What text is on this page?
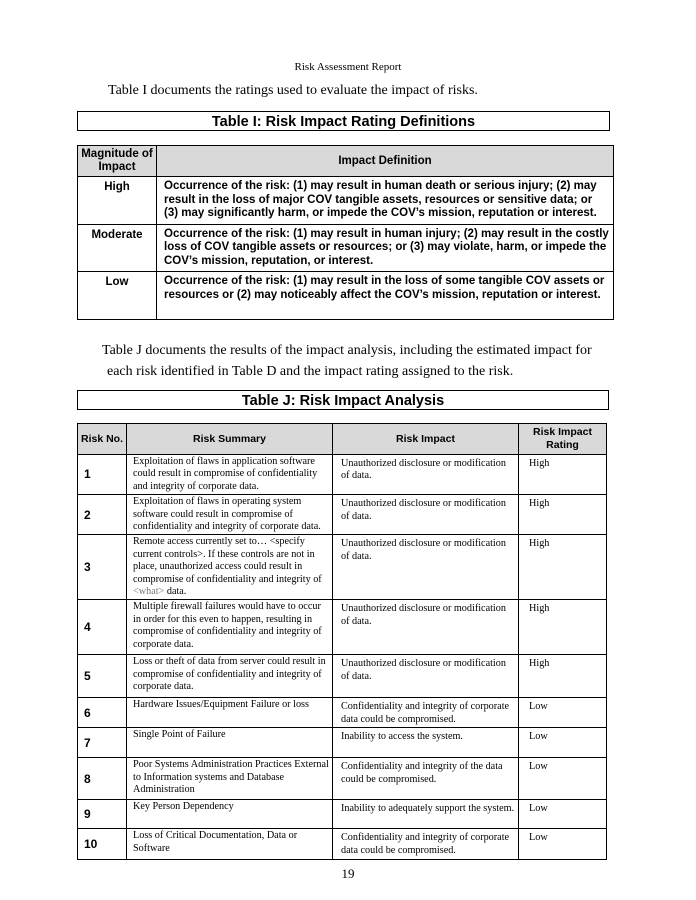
Risk Assessment Report
Table I documents the ratings used to evaluate the impact of risks.
Table I: Risk Impact Rating Definitions
Magnitude of Impact	Impact Definition
High	Occurrence of the risk: (1) may result in human death or serious injury; (2) may result in the loss of major COV tangible assets, resources or sensitive data; or (3) may significantly harm, or impede the COV’s mission, reputation or interest.
Moderate	Occurrence of the risk: (1) may result in human injury; (2) may result in the costly loss of COV tangible assets or resources; or (3) may violate, harm, or impede the COV’s mission, reputation, or interest.
Low	Occurrence of the risk: (1) may result in the loss of some tangible COV assets or resources or (2) may noticeably affect the COV’s mission, reputation or interest.
Table J documents the results of the impact analysis, including the estimated impact for
each risk identified in Table D and the impact rating assigned to the risk.
Table J: Risk Impact Analysis
Risk No.	Risk Summary	Risk Impact	Risk Impact Rating
1	Exploitation of flaws in application software could result in compromise of confidentiality and integrity of corporate data.	Unauthorized disclosure or modification of data.	High
2	Exploitation of flaws in operating system software could result in compromise of confidentiality and integrity of corporate data.	Unauthorized disclosure or modification of data.	High
3	Remote access currently set to… <specify current controls>. If these controls are not in place, unauthorized access could result in compromise of confidentiality and integrity of <what> data.	Unauthorized disclosure or modification of data.	High
4	Multiple firewall failures would have to occur in order for this even to happen, resulting in compromise of confidentiality and integrity of corporate data.	Unauthorized disclosure or modification of data.	High
5	Loss or theft of data from server could result in compromise of confidentiality and integrity of corporate data.	Unauthorized disclosure or modification of data.	High
6	Hardware Issues/Equipment Failure or loss	Confidentiality and integrity of corporate data could be compromised.	Low
7	Single Point of Failure	Inability to access the system.	Low
8	Poor Systems Administration Practices External to Information systems and Database Administration	Confidentiality and integrity of the data could be compromised.	Low
9	Key Person Dependency	Inability to adequately support the system.	Low
10	Loss of Critical Documentation, Data or Software	Confidentiality and integrity of corporate data could be compromised.	Low
19
